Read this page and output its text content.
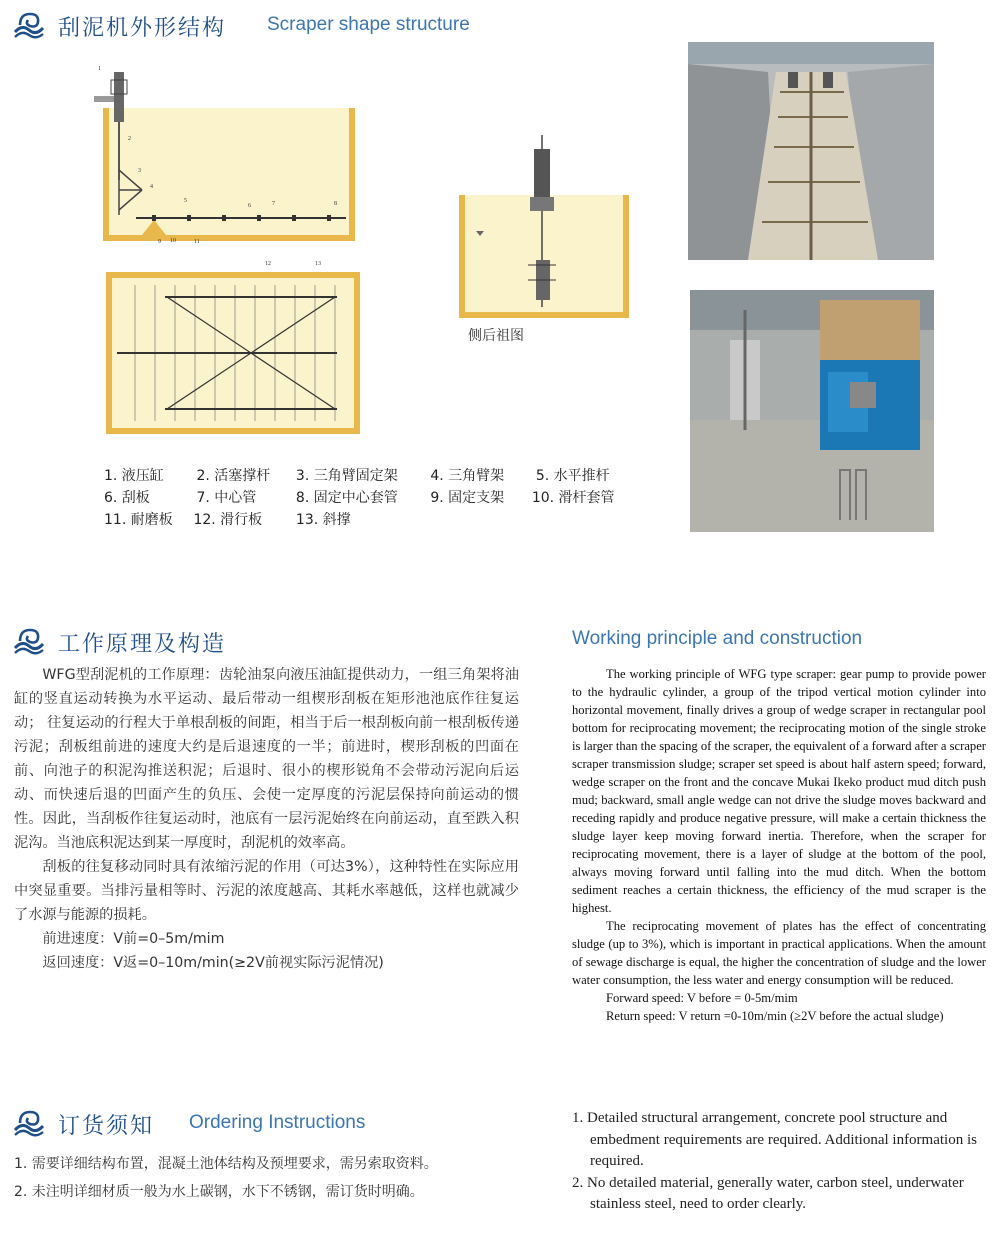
刮泥机外形结构 Scraper shape structure
1
2
3
4
5
6	7	8
9 10	11
12	13
侧后祖图
1. 液压缸 2. 活塞撑杆 3. 三角臂固定架 4. 三角臂架 5. 水平推杆
6. 刮板	7. 中心管	8. 固定中心套管 9. 固定支架 10. 滑杆套管
11. 耐磨板 12. 滑行板 13. 斜撑
工作原理及构造	Working principle and construction
WFG型刮泥机的工作原理：齿轮油泵向液压油缸提供动力，一组三角架将油缸的竖直运动转换为水平运动、最后带动一组楔形刮板在矩形池池底作往复运动； 往复运动的行程大于单根刮板的间距，相当于后一根刮板向前一根刮板传递污泥；刮板组前进的速度大约是后退速度的一半；前进时，楔形刮板的凹面在前、向池子的积泥沟推送积泥；后退时、很小的楔形锐角不会带动污泥向后运动、而快速后退的凹面产生的负压、会使一定厚度的污泥层保持向前运动的惯性。因此，当刮板作往复运动时，池底有一层污泥始终在向前运动，直至跌入积泥沟。当池底积泥达到某一厚度时，刮泥机的效率高。
刮板的往复移动同时具有浓缩污泥的作用（可达3%），这种特性在实际应用中突显重要。当排污量相等时、污泥的浓度越高、其耗水率越低，这样也就减少了水源与能源的损耗。
前进速度：V前=0–5m/mim
返回速度：V返=0–10m/min(≥2V前视实际污泥情况)
The working principle of WFG type scraper: gear pump to provide power to the hydraulic cylinder, a group of the tripod vertical motion cylinder into horizontal movement, finally drives a group of wedge scraper in rectangular pool bottom for reciprocating movement; the reciprocating motion of the single stroke is larger than the spacing of the scraper, the equivalent of a forward after a scraper scraper transmission sludge; scraper set speed is about half astern speed; forward, wedge scraper on the front and the concave Mukai Ikeko product mud ditch push mud; backward, small angle wedge can not drive the sludge moves backward and receding rapidly and produce negative pressure, will make a certain thickness the sludge layer keep moving forward inertia. Therefore, when the scraper for reciprocating movement, there is a layer of sludge at the bottom of the pool, always moving forward until falling into the mud ditch. When the bottom sediment reaches a certain thickness, the efficiency of the mud scraper is the highest.
The reciprocating movement of plates has the effect of concentrating sludge (up to 3%), which is important in practical applications. When the amount of sewage discharge is equal, the higher the concentration of sludge and the lower water consumption, the less water and energy consumption will be reduced.
Forward speed: V before = 0-5m/mim
Return speed: V return =0-10m/min (≥2V before the actual sludge)
订货须知 Ordering Instructions
1. 需要详细结构布置，混凝土池体结构及预埋要求，需另索取资料。
2. 未注明详细材质一般为水上碳钢，水下不锈钢，需订货时明确。
1. Detailed structural arrangement, concrete pool structure and embedment requirements are required. Additional information is required.
2. No detailed material, generally water, carbon steel, underwater stainless steel, need to order clearly.
